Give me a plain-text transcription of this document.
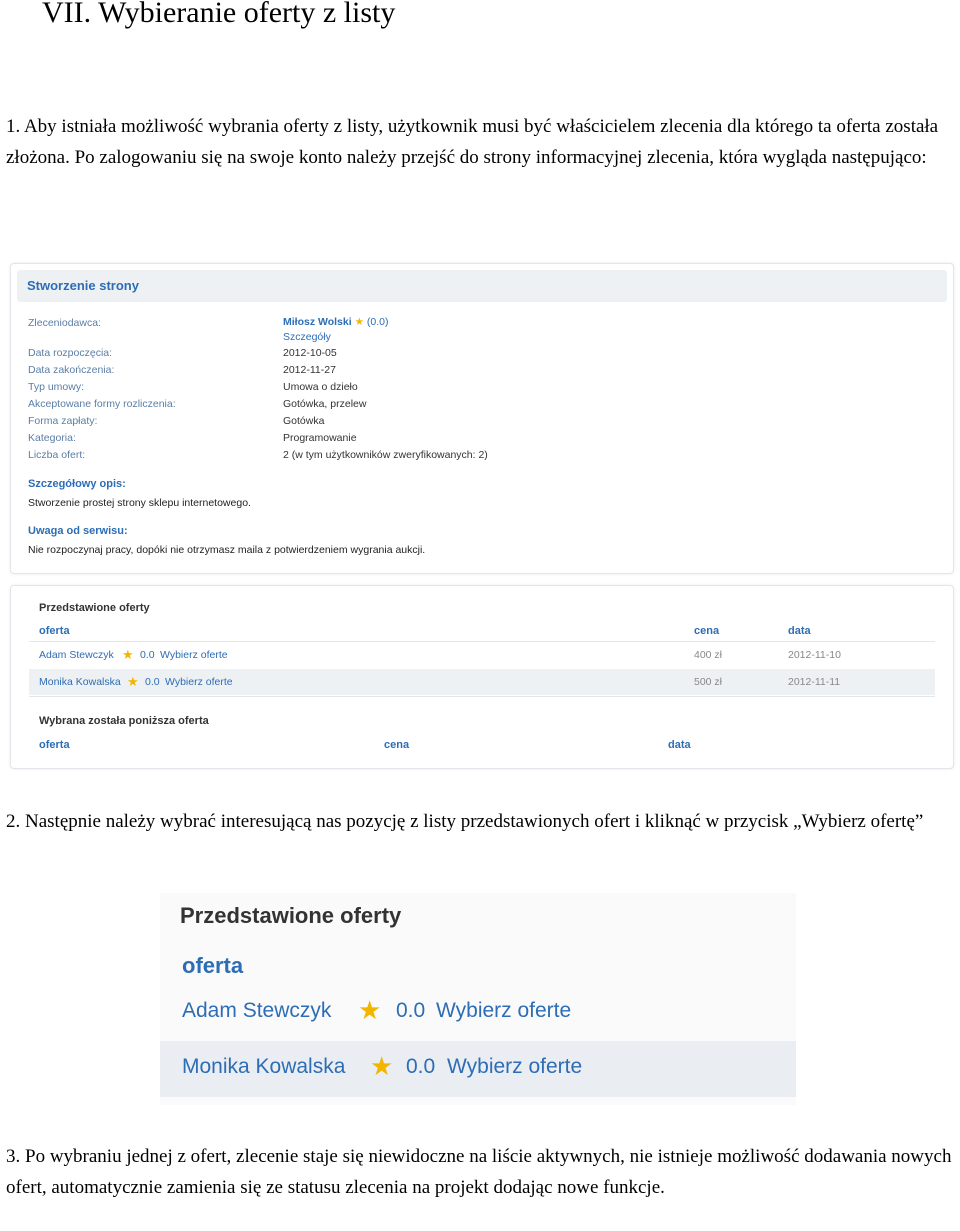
VII. Wybieranie oferty z listy

1. Aby istniała możliwość wybrania oferty z listy, użytkownik musi być właścicielem zlecenia dla którego ta oferta została złożona. Po zalogowaniu się na swoje konto należy przejść do strony informacyjnej zlecenia, która wygląda następująco:

Stworzenie strony
Zleceniodawca:	Miłosz Wolski ★ (0.0)
Szczegóły
Data rozpoczęcia:	2012-10-05
Data zakończenia:	2012-11-27
Typ umowy:	Umowa o dzieło
Akceptowane formy rozliczenia:	Gotówka, przelew
Forma zapłaty:	Gotówka
Kategoria:	Programowanie
Liczba ofert:	2 (w tym użytkowników zweryfikowanych: 2)
Szczegółowy opis:
Stworzenie prostej strony sklepu internetowego.
Uwaga od serwisu:
Nie rozpoczynaj pracy, dopóki nie otrzymasz maila z potwierdzeniem wygrania aukcji.
Przedstawione oferty
oferta	cena	data
Adam Stewczyk ★ 0.0 Wybierz oferte	400 zł	2012-11-10
Monika Kowalska ★ 0.0 Wybierz oferte	500 zł	2012-11-11
Wybrana została poniższa oferta
oferta	cena	data

2. Następnie należy wybrać interesującą nas pozycję z listy przedstawionych ofert i kliknąć w przycisk „Wybierz ofertę”

Przedstawione oferty
oferta
Adam Stewczyk ★ 0.0 Wybierz oferte
Monika Kowalska ★ 0.0 Wybierz oferte

3. Po wybraniu jednej z ofert, zlecenie staje się niewidoczne na liście aktywnych, nie istnieje możliwość dodawania nowych ofert, automatycznie zamienia się ze statusu zlecenia na projekt dodając nowe funkcje.
